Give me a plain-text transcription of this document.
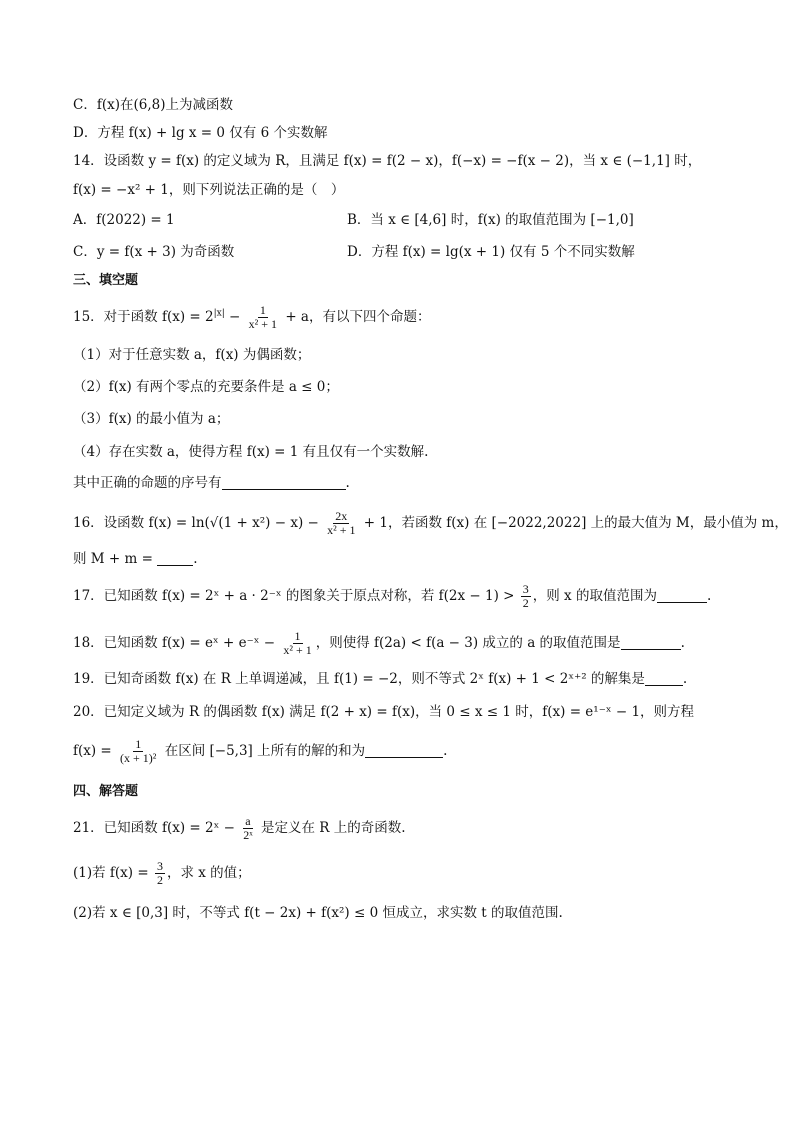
C．f(x)在(6,8)上为减函数
D．方程 f(x) + lg x = 0 仅有 6 个实数解
14．设函数 y = f(x) 的定义域为 R，且满足 f(x) = f(2 − x)，f(−x) = −f(x − 2)，当 x ∈ (−1,1] 时，
f(x) = −x² + 1，则下列说法正确的是（　）
A．f(2022) = 1	B．当 x ∈ [4,6] 时，f(x) 的取值范围为 [−1,0]
C．y = f(x + 3) 为奇函数	D．方程 f(x) = lg(x + 1) 仅有 5 个不同实数解
三、填空题
15．对于函数 $f(x) = 2^{|x|} - \frac{1}{\text{x² + 1}} + a$，有以下四个命题：
（1）对于任意实数 a，f(x) 为偶函数；
（2）f(x) 有两个零点的充要条件是 a ≤ 0；
（3）f(x) 的最小值为 a；
（4）存在实数 a，使得方程 f(x) = 1 有且仅有一个实数解.
其中正确的命题的序号有	.
16．设函数 $f(x) = \ln(√(1 + x^2) - x) - \frac{2x}{\text{x² + 1}} + 1$，若函数 f(x) 在 [−2022,2022] 上的最大值为 M，最小值为 m，
则 M + m =	.
17．已知函数 f(x) = 2ˣ + a · 2⁻ˣ 的图象关于原点对称，若 $f(2x - 1) > \frac{3}{2}$ ，则 x 的取值范围为	.
18．已知函数 f(x) = eˣ + e⁻ˣ − $\frac{1}{\text{x² + 1}}$ ，则使得 f(2a) < f(a − 3) 成立的 a 的取值范围是	.
19．已知奇函数 f(x) 在 R 上单调递减，且 f(1) = −2，则不等式 2ˣ f(x) + 1 < 2ˣ⁺² 的解集是	.
20．已知定义域为 R 的偶函数 f(x) 满足 f(2 + x) = f(x)，当 0 ≤ x ≤ 1 时，f(x) = e¹⁻ˣ − 1，则方程
$f(x) = \frac{1}{\text{(x + 1)²}}$ 在区间 [−5,3] 上所有的解的和为	.
四、解答题
21．已知函数 f(x) = 2ˣ − $\frac{a}{\text{2ˣ}}$ 是定义在 R 上的奇函数.
(1)若 $f(x) = \frac{3}{2}$ ，求 x 的值；
(2)若 x ∈ [0,3] 时，不等式 f(t − 2x) + f(x²) ≤ 0 恒成立，求实数 t 的取值范围.
